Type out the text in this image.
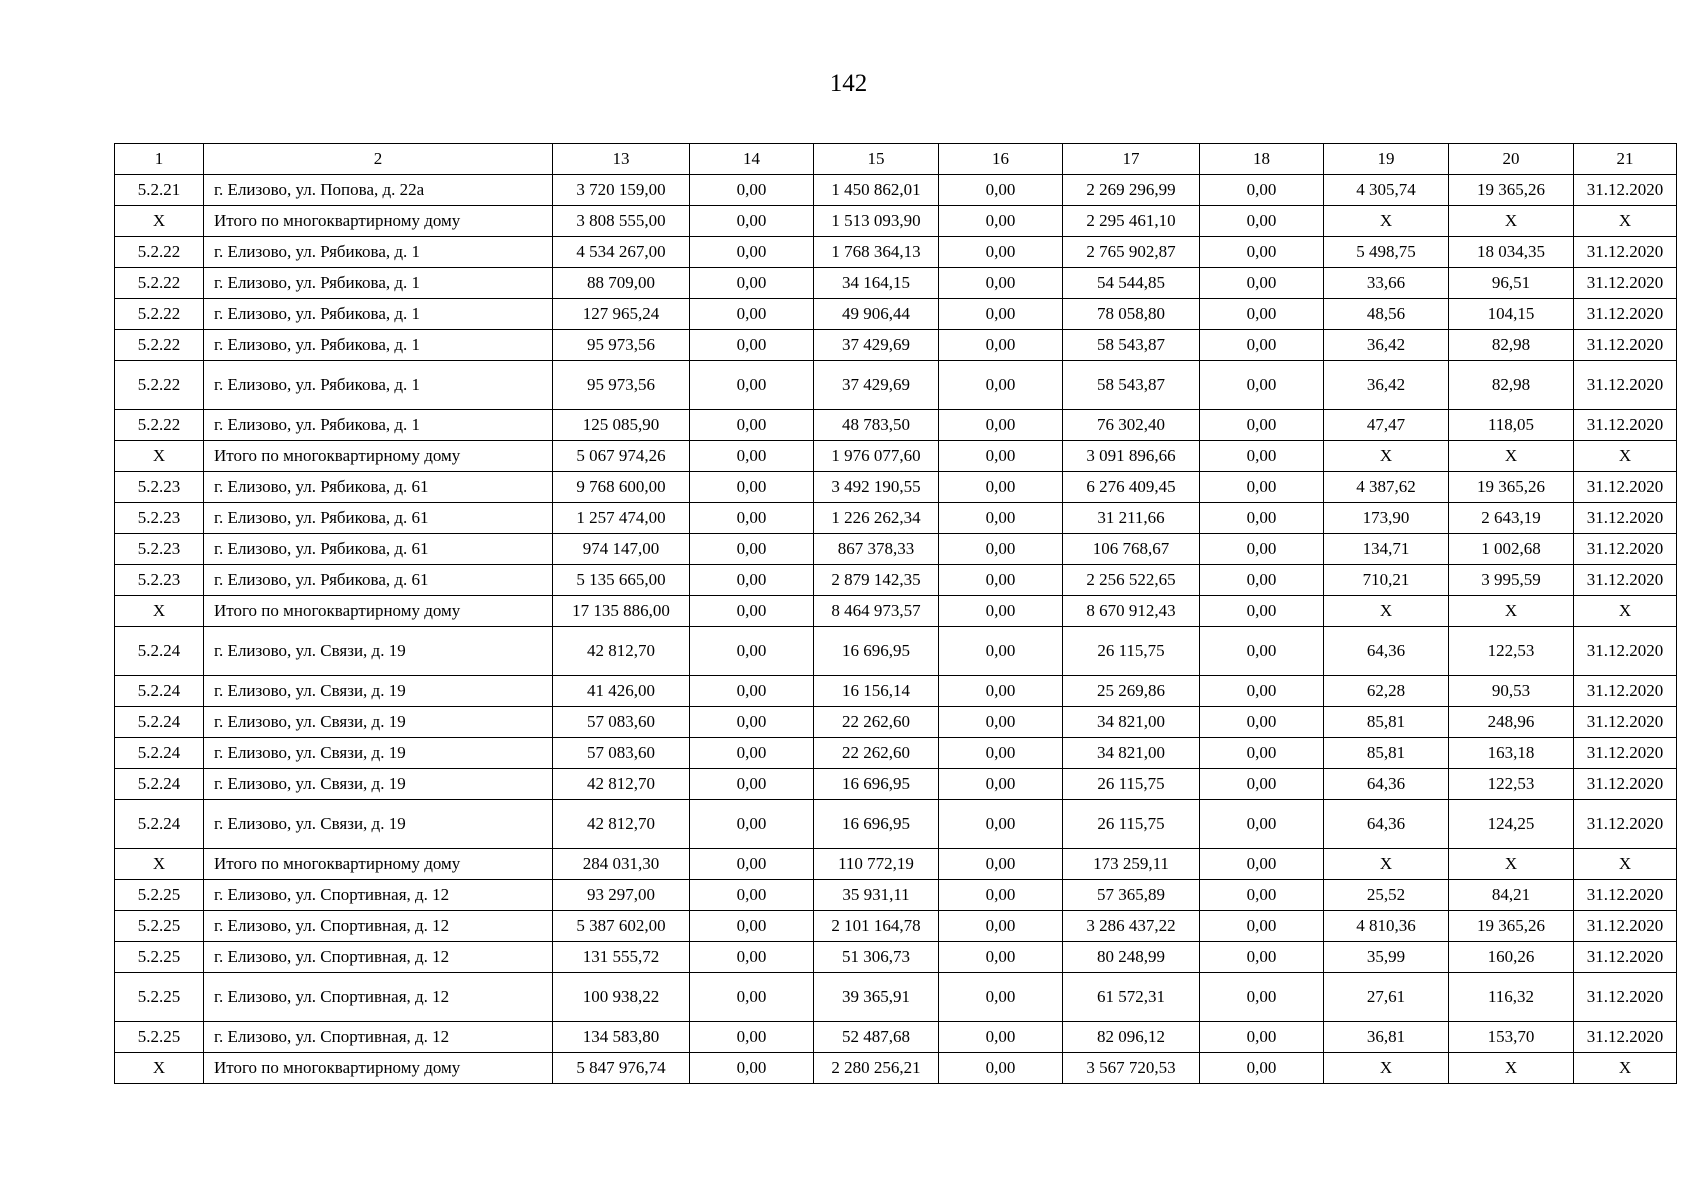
142
1	2	13	14	15	16	17	18	19	20	21
5.2.21	г. Елизово, ул. Попова, д. 22а	3 720 159,00	0,00	1 450 862,01	0,00	2 269 296,99	0,00	4 305,74	19 365,26	31.12.2020
X	Итого по многоквартирному дому	3 808 555,00	0,00	1 513 093,90	0,00	2 295 461,10	0,00	X	X	X
5.2.22	г. Елизово, ул. Рябикова, д. 1	4 534 267,00	0,00	1 768 364,13	0,00	2 765 902,87	0,00	5 498,75	18 034,35	31.12.2020
5.2.22	г. Елизово, ул. Рябикова, д. 1	88 709,00	0,00	34 164,15	0,00	54 544,85	0,00	33,66	96,51	31.12.2020
5.2.22	г. Елизово, ул. Рябикова, д. 1	127 965,24	0,00	49 906,44	0,00	78 058,80	0,00	48,56	104,15	31.12.2020
5.2.22	г. Елизово, ул. Рябикова, д. 1	95 973,56	0,00	37 429,69	0,00	58 543,87	0,00	36,42	82,98	31.12.2020
5.2.22	г. Елизово, ул. Рябикова, д. 1	95 973,56	0,00	37 429,69	0,00	58 543,87	0,00	36,42	82,98	31.12.2020
5.2.22	г. Елизово, ул. Рябикова, д. 1	125 085,90	0,00	48 783,50	0,00	76 302,40	0,00	47,47	118,05	31.12.2020
X	Итого по многоквартирному дому	5 067 974,26	0,00	1 976 077,60	0,00	3 091 896,66	0,00	X	X	X
5.2.23	г. Елизово, ул. Рябикова, д. 61	9 768 600,00	0,00	3 492 190,55	0,00	6 276 409,45	0,00	4 387,62	19 365,26	31.12.2020
5.2.23	г. Елизово, ул. Рябикова, д. 61	1 257 474,00	0,00	1 226 262,34	0,00	31 211,66	0,00	173,90	2 643,19	31.12.2020
5.2.23	г. Елизово, ул. Рябикова, д. 61	974 147,00	0,00	867 378,33	0,00	106 768,67	0,00	134,71	1 002,68	31.12.2020
5.2.23	г. Елизово, ул. Рябикова, д. 61	5 135 665,00	0,00	2 879 142,35	0,00	2 256 522,65	0,00	710,21	3 995,59	31.12.2020
X	Итого по многоквартирному дому	17 135 886,00	0,00	8 464 973,57	0,00	8 670 912,43	0,00	X	X	X
5.2.24	г. Елизово, ул. Связи, д. 19	42 812,70	0,00	16 696,95	0,00	26 115,75	0,00	64,36	122,53	31.12.2020
5.2.24	г. Елизово, ул. Связи, д. 19	41 426,00	0,00	16 156,14	0,00	25 269,86	0,00	62,28	90,53	31.12.2020
5.2.24	г. Елизово, ул. Связи, д. 19	57 083,60	0,00	22 262,60	0,00	34 821,00	0,00	85,81	248,96	31.12.2020
5.2.24	г. Елизово, ул. Связи, д. 19	57 083,60	0,00	22 262,60	0,00	34 821,00	0,00	85,81	163,18	31.12.2020
5.2.24	г. Елизово, ул. Связи, д. 19	42 812,70	0,00	16 696,95	0,00	26 115,75	0,00	64,36	122,53	31.12.2020
5.2.24	г. Елизово, ул. Связи, д. 19	42 812,70	0,00	16 696,95	0,00	26 115,75	0,00	64,36	124,25	31.12.2020
X	Итого по многоквартирному дому	284 031,30	0,00	110 772,19	0,00	173 259,11	0,00	X	X	X
5.2.25	г. Елизово, ул. Спортивная, д. 12	93 297,00	0,00	35 931,11	0,00	57 365,89	0,00	25,52	84,21	31.12.2020
5.2.25	г. Елизово, ул. Спортивная, д. 12	5 387 602,00	0,00	2 101 164,78	0,00	3 286 437,22	0,00	4 810,36	19 365,26	31.12.2020
5.2.25	г. Елизово, ул. Спортивная, д. 12	131 555,72	0,00	51 306,73	0,00	80 248,99	0,00	35,99	160,26	31.12.2020
5.2.25	г. Елизово, ул. Спортивная, д. 12	100 938,22	0,00	39 365,91	0,00	61 572,31	0,00	27,61	116,32	31.12.2020
5.2.25	г. Елизово, ул. Спортивная, д. 12	134 583,80	0,00	52 487,68	0,00	82 096,12	0,00	36,81	153,70	31.12.2020
X	Итого по многоквартирному дому	5 847 976,74	0,00	2 280 256,21	0,00	3 567 720,53	0,00	X	X	X
